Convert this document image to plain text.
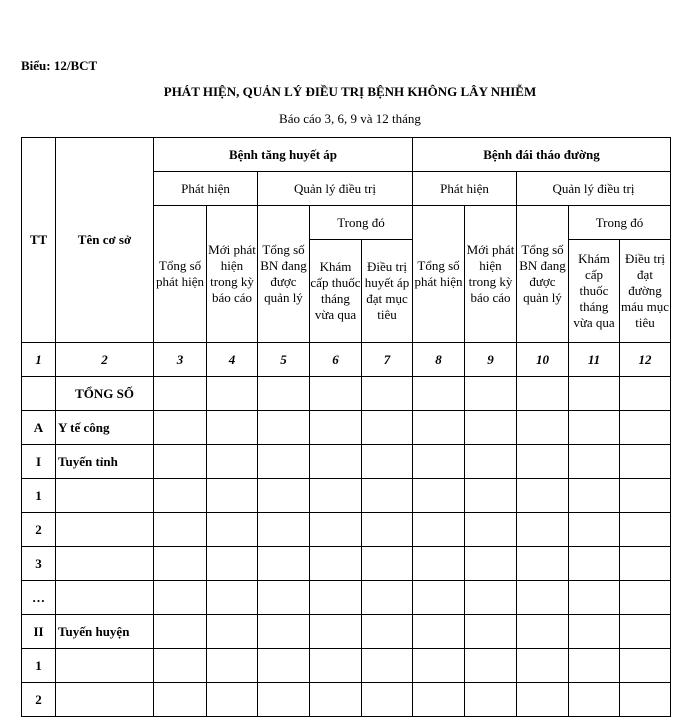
Biểu: 12/BCT
PHÁT HIỆN, QUẢN LÝ ĐIỀU TRỊ BỆNH KHÔNG LÂY NHIỄM
Báo cáo 3, 6, 9 và 12 tháng
TT	Tên cơ sở	Bệnh tăng huyết áp					Bệnh đái tháo đường				
		Phát hiện		Quản lý điều trị			Phát hiện		Quản lý điều trị		
		Tổng số phát hiện	Mới phát hiện trong kỳ báo cáo	Tổng số BN đang được quản lý	Trong đó		Tổng số phát hiện	Mới phát hiện trong kỳ báo cáo	Tổng số BN đang được quản lý	Trong đó	
					Khám cấp thuốc tháng vừa qua	Điều trị huyết áp đạt mục tiêu				Khám cấp thuốc tháng vừa qua	Điều trị đạt đường máu mục tiêu
1	2	3	4	5	6	7	8	9	10	11	12
	TỔNG SỐ										
A	Y tế công										
I	Tuyến tỉnh										
1											
2											
3											
…											
II	Tuyến huyện										
1											
2											
